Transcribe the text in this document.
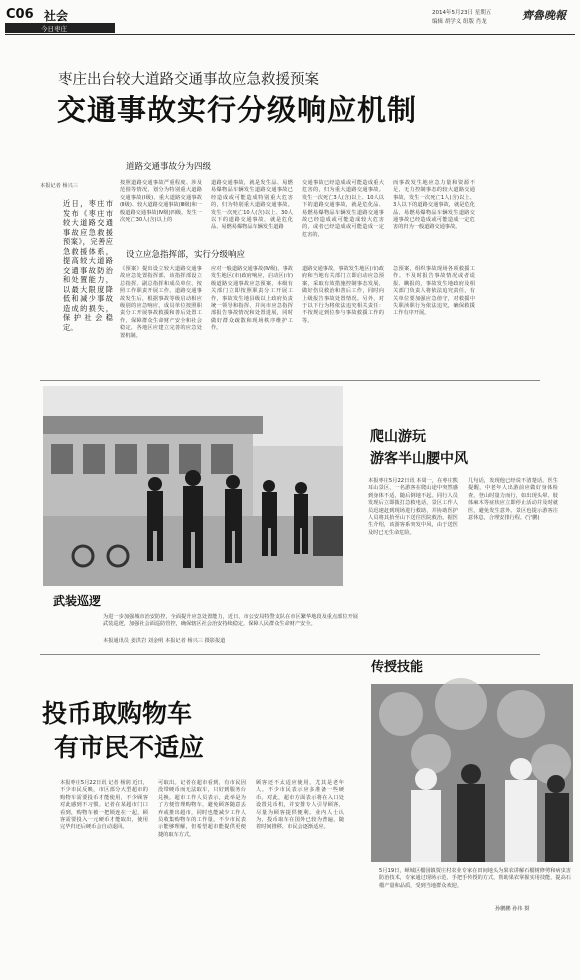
C06 社会
今日枣庄
2014年5月23日 星期五
编辑 胡学义 组版 肖龙	齊魯晚報
枣庄出台较大道路交通事故应急救援预案
交通事故实行分级响应机制
道路交通事故分为四级
设立应急指挥部，实行分级响应
本报记者 杨兴三
近日，枣庄市发布《枣庄市较大道路交通事故应急救援预案》，完善应急救援体系，提高较大道路交通事故防治和处置能力，以最大限度降低和减少事故造成的损失，保护社会稳定。
按照道路交通事故严重程度、涉及范围等情况，划分为特别重大道路交通事故(Ⅰ级)、重大道路交通事故(Ⅱ级)、较大道路交通事故(Ⅲ级)和一般道路交通事故(Ⅳ级)四级。发生一次死亡30人(含)以上的
道路交通事故，就是发生品、易燃易爆物品车辆发生道路交通事故已经造成或可能造成特别重大危害的，归为特别重大道路交通事故。发生一次死亡10人(含)以上、30人以下的道路交通事故，就是危化品、易燃易爆物品车辆发生道路
交通事故已经造成或可能造成重大危害的，归为重大道路交通事故。发生一次死亡3人(含)以上、10人以下的道路交通事故，就是危化品、易燃易爆物品车辆发生道路交通事故已经造成或可能造成较大危害的，或者已经造成或可能造成一定危害的，
而事故发生地应急力量和资源不足，无力控制事态的较大道路交通事故，发生一次死亡1人(含)以上、3人以下的道路交通事故，就是危化品、易燃易爆物品车辆发生道路交通事故已经造成或可能造成一定危害的归为一般道路交通事故。
《预案》提出设立较大道路交通事故应急处置指挥部，该指挥部设立总指挥、副总指挥和成员单位，按照工作职责开展工作。道路交通事故发生后，根据事故等级启动相应级别的应急响应，成员单位按照职责分工开展事故救援和善后处置工作，保障群众生命财产安全和社会稳定，各地区应建立完善的应急处置机制。
应对一般道路交通事故(Ⅳ级)，事故发生地区(市)政府响应，启动区(市)级道路交通事故应急预案，本级有关部门立即按照职责分工开展工作，事故发生地县级以上政府负责统一领导和指挥，并向市应急指挥部报告事故情况和处置进展，同时做好群众疏散和现场秩序维护工作。
道路交通事故，事故发生地区(市)政府和当地有关部门立即启动应急预案，采取有效措施控制事态发展，做好伤员救治和善后工作，同时向上级报告事故处置情况。另外，对于以下行为将依法追究相关责任：不按规定到位参与事故救援工作的等。
急预案，组织事故现场各项救援工作。不及时报告事故情况或者谎报、瞒报的，事故发生地政府及相关部门负责人将依法追究责任，有关单位要加强应急值守，对救援中失职渎职行为依法追究，确保救援工作有序开展。
爬山游玩
游客半山腰中风
本报枣庄5月22日讯 本周一，在枣庄熊耳山景区，一名游客在爬山途中突然感到身体不适，随后倒地不起。同行人员发现后立即拨打急救电话，景区工作人员迅速赶到现场进行救助，并协助医护人员将其抬至山下送往医院救治。据医生介绍，该游客系突发中风，由于送医及时已无生命危险。
几句话，发现他已经说不清楚话。医生提醒，中老年人出游前应做好身体检查，登山时量力而行，如出现头晕、肢体麻木等症状应立即停止活动并及时就医，避免发生意外。景区也提示游客注意休息，合理安排行程。(宁鹏)
武装巡逻
为进一步加强城市治安防控，全面提升应急处置能力，近日，市公安局特警支队在市区繁华地段及重点部位开展武装巡逻，加强社会面巡防管控，确保辖区社会治安持续稳定，保障人民群众生命财产安全。
本报通讯员 姜洪岩 刘金明 本报记者 杨兴三 摄影报道
投币取购物车
有市民不适应
本报枣庄5月22日讯 记者 杨润 近日，不少市民反映，市区部分大型超市的购物车需要投币才能使用，不少顾客对此感到不习惯。记者在某超市门口看到，购物车被一把锁连在一起，顾客需要投入一元硬币才能取出，使用完毕归还后硬币会自动退回。
可取出。记者在超市看到，有市民因没带硬币而无法取车，只好到服务台兑换。超市工作人员表示，此举是为了方便管理购物车，避免顾客随意丢弃或推出超市，同时也能减少工作人员收集购物车的工作量。不少市民表示能够理解，但希望超市能提供更便捷的取车方式。
顾客还不太适应使用，尤其是老年人。不少市民表示应多准备一些硬币。对此，超市方面表示将在入口处设置兑币机，并安排专人引导顾客，尽量为顾客提供便利。业内人士认为，投币取车在国外已较为普遍，随着时间推移，市民会逐渐适应。
传授技能
5月19日，峄城区榴园镇贾庄村农业专家在田间地头为果农讲解石榴树修剪和病虫害防治技术，专家通过现场示范、手把手传授的方式，帮助果农掌握实用技能，提高石榴产量和品质，受到当地群众欢迎。
孙鹏鹏 孙伟 摄
